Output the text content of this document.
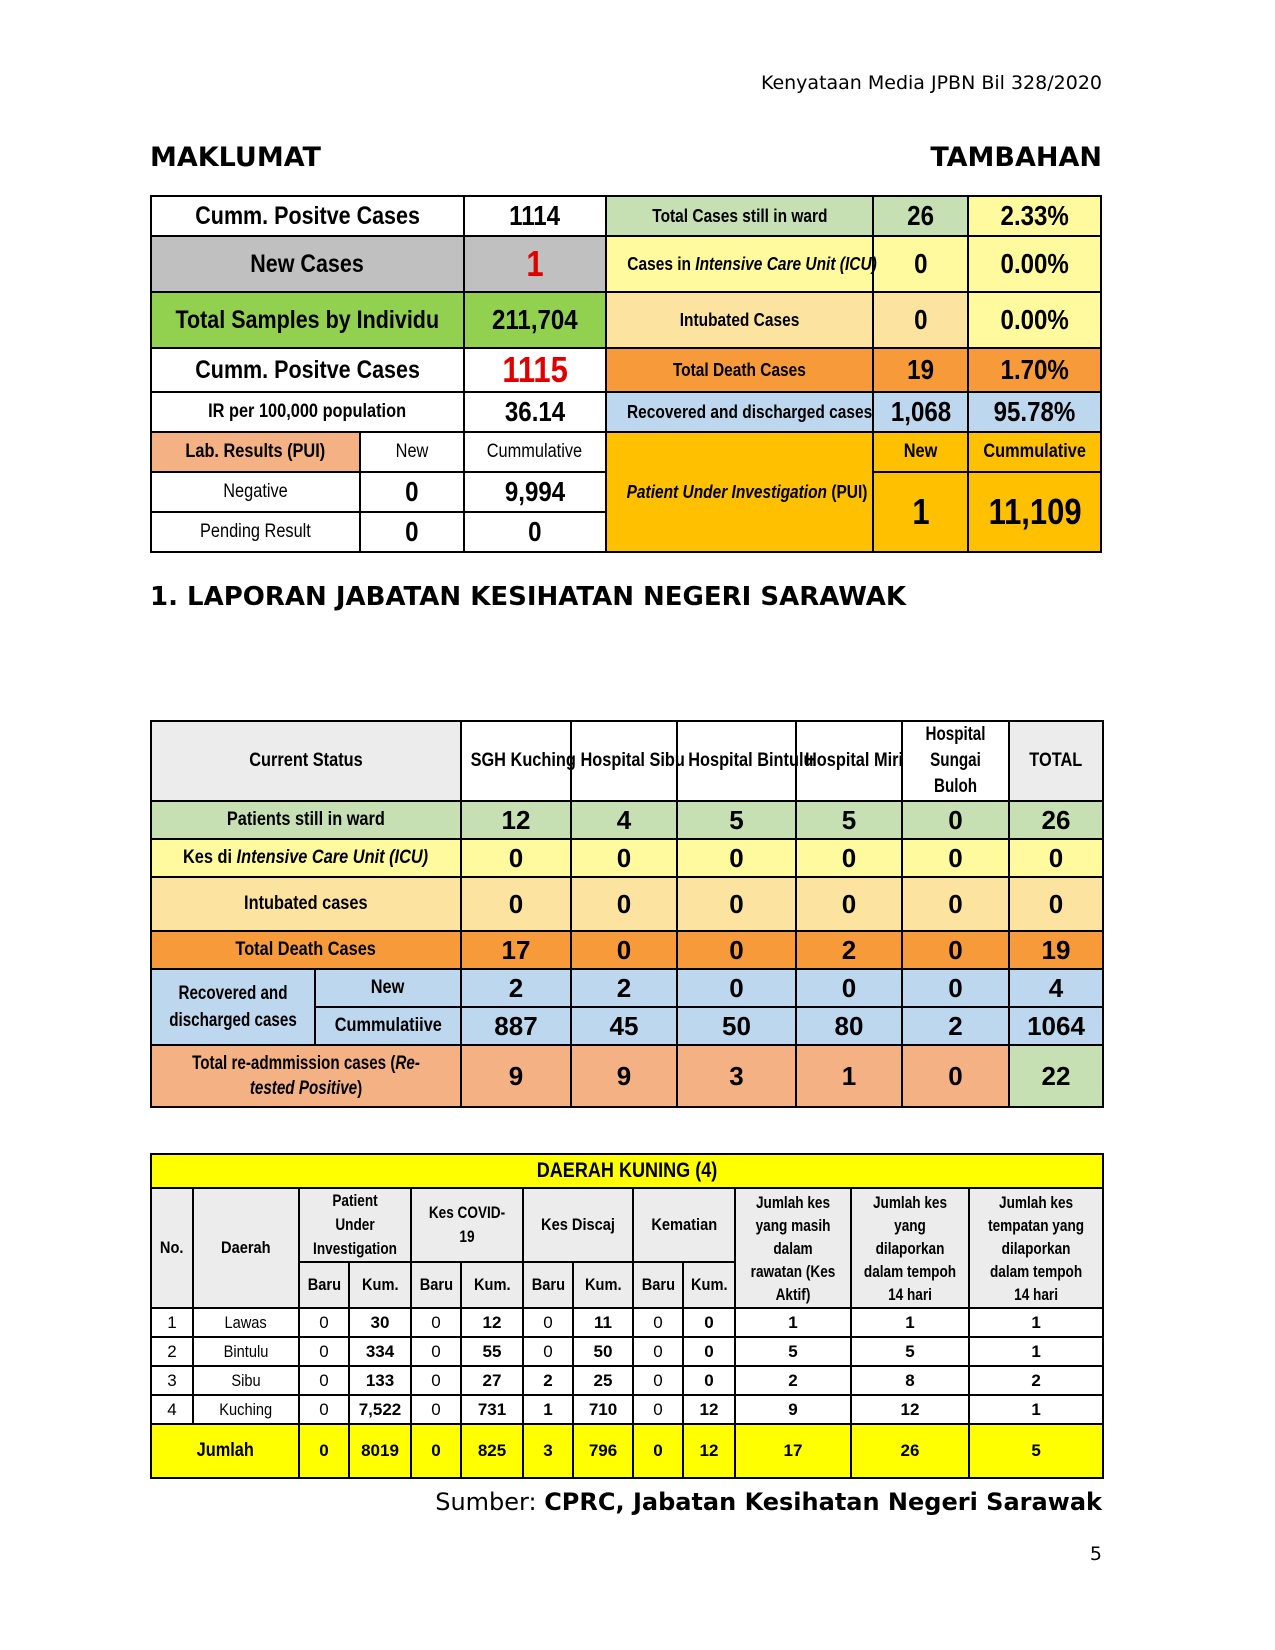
Kenyataan Media JPBN Bil 328/2020
MAKLUMAT	TAMBAHAN
Cumm. Positve Cases		1114	Total Cases still in ward	26	2.33%
New Cases		1	Cases in Intensive Care Unit (ICU)	0	0.00%
Total Samples by Individu		211,704	Intubated Cases	0	0.00%
Cumm. Positve Cases		1115	Total Death Cases	19	1.70%
IR per 100,000 population		36.14	Recovered and discharged cases	1,068	95.78%
Lab. Results (PUI)	New	Cummulative	Patient Under Investigation (PUI)	New	Cummulative
Negative	0	9,994		1	11,109
Pending Result	0	0			
1. LAPORAN JABATAN KESIHATAN NEGERI SARAWAK
Current Status		SGH Kuching	Hospital Sibu	Hospital Bintulu	Hospital Miri	Hospital Sungai Buloh	TOTAL
Patients still in ward		12	4	5	5	0	26
Kes di Intensive Care Unit (ICU)		0	0	0	0	0	0
Intubated cases		0	0	0	0	0	0
Total Death Cases		17	0	0	2	0	19
Recovered and discharged cases	New	2	2	0	0	0	4
	Cummulatiive	887	45	50	80	2	1064
Total re-admmission cases (Re-tested Positive)		9	9	3	1	0	22
DAERAH KUNING (4)												
No.	Daerah	Patient Under Investigation		Kes COVID-19		Kes Discaj		Kematian		Jumlah kes yang masih dalam rawatan (Kes Aktif)	Jumlah kes yang dilaporkan dalam tempoh 14 hari	Jumlah kes tempatan yang dilaporkan dalam tempoh 14 hari
		Baru	Kum.	Baru	Kum.	Baru	Kum.	Baru	Kum.			
1	Lawas	0	30	0	12	0	11	0	0	1	1	1
2	Bintulu	0	334	0	55	0	50	0	0	5	5	1
3	Sibu	0	133	0	27	2	25	0	0	2	8	2
4	Kuching	0	7,522	0	731	1	710	0	12	9	12	1
Jumlah		0	8019	0	825	3	796	0	12	17	26	5
Sumber: CPRC, Jabatan Kesihatan Negeri Sarawak
5
